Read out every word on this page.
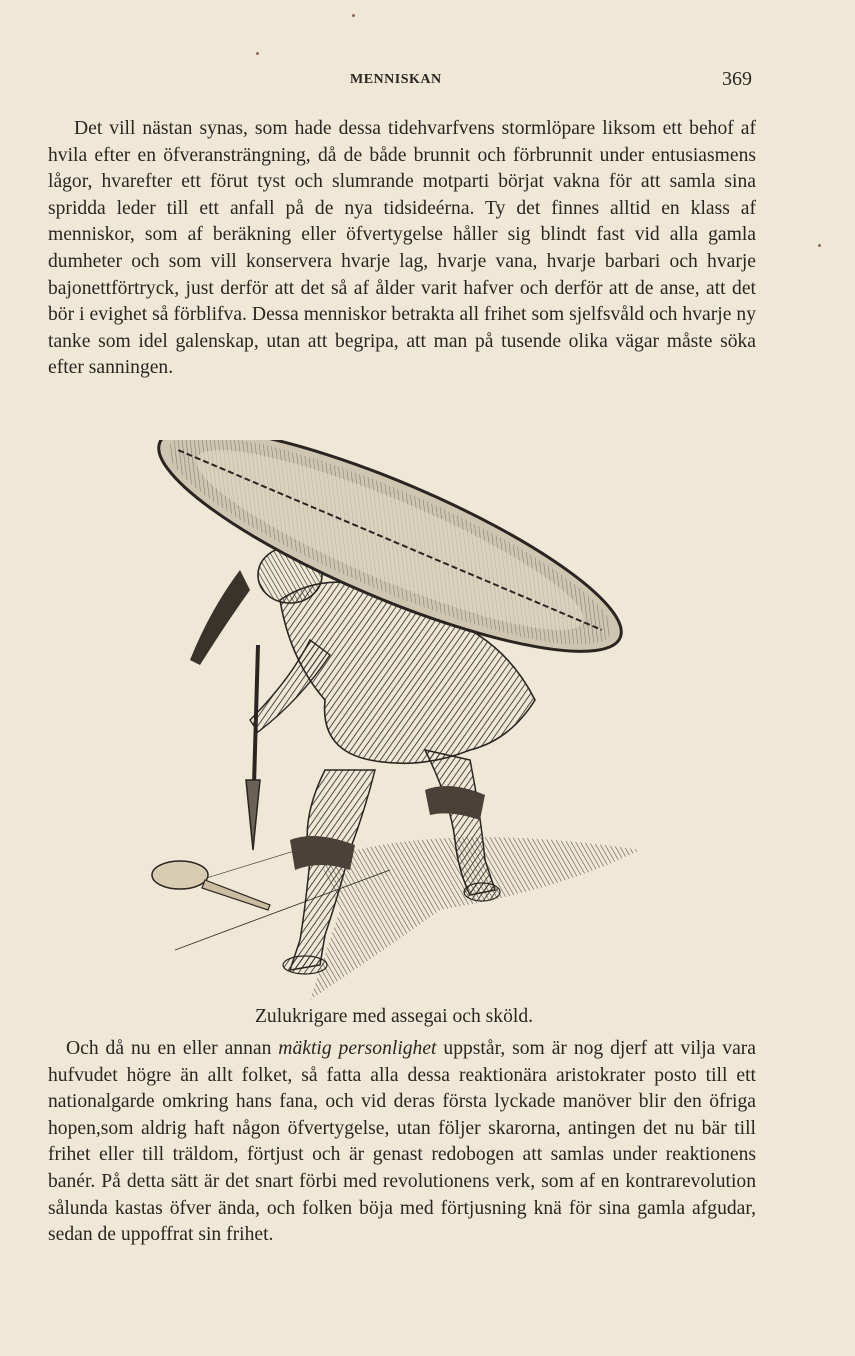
MENNISKAN	369

Det vill nästan synas, som hade dessa tidehvarfvens stormlöpare liksom ett behof af hvila efter en öfveransträngning, då de både brunnit och förbrunnit under entusiasmens lågor, hvarefter ett förut tyst och slumrande motparti börjat vakna för att samla sina spridda leder till ett anfall på de nya tidsideérna. Ty det finnes alltid en klass af menniskor, som af beräkning eller öfvertygelse håller sig blindt fast vid alla gamla dumheter och som vill konservera hvarje lag, hvarje vana, hvarje barbari och hvarje bajonettförtryck, just derför att det så af ålder varit hafver och derför att de anse, att det bör i evighet så förblifva. Dessa menniskor betrakta all frihet som sjelfsvåld och hvarje ny tanke som idel galenskap, utan att begripa, att man på tusende olika vägar måste söka efter sanningen.

Zulukrigare med assegai och sköld.

Och då nu en eller annan mäktig personlighet uppstår, som är nog djerf att vilja vara hufvudet högre än allt folket, så fatta alla dessa reaktionära aristokrater posto till ett nationalgarde omkring hans fana, och vid deras första lyckade manöver blir den öfriga hopen,som aldrig haft någon öfvertygelse, utan följer skarorna, antingen det nu bär till frihet eller till träldom, förtjust och är genast redobogen att samlas under reaktionens banér. På detta sätt är det snart förbi med revolutionens verk, som af en kontrarevolution sålunda kastas öfver ända, och folken böja med förtjusning knä för sina gamla afgudar, sedan de uppoffrat sin frihet.
